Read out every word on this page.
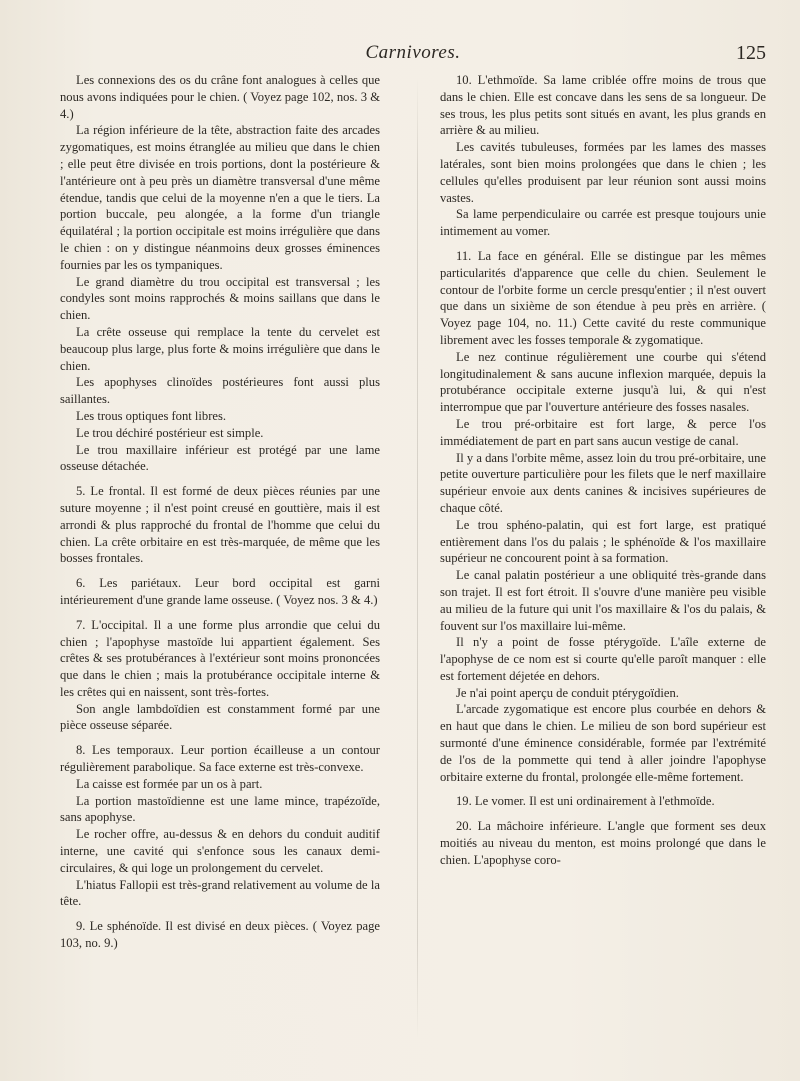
Carnivores.	125

Les connexions des os du crâne font analogues à celles que nous avons indiquées pour le chien. ( Voyez page 102, nos. 3 & 4.)

La région inférieure de la tête, abstraction faite des arcades zygomatiques, est moins étranglée au milieu que dans le chien ; elle peut être divisée en trois portions, dont la postérieure & l'antérieure ont à peu près un diamètre transversal d'une même étendue, tandis que celui de la moyenne n'en a que le tiers. La portion buccale, peu alongée, a la forme d'un triangle équilatéral ; la portion occipitale est moins irrégulière que dans le chien : on y distingue néanmoins deux grosses éminences fournies par les os tympaniques.

Le grand diamètre du trou occipital est transversal ; les condyles sont moins rapprochés & moins saillans que dans le chien.

La crête osseuse qui remplace la tente du cervelet est beaucoup plus large, plus forte & moins irrégulière que dans le chien.

Les apophyses clinoïdes postérieures font aussi plus saillantes.

Les trous optiques font libres.

Le trou déchiré postérieur est simple.

Le trou maxillaire inférieur est protégé par une lame osseuse détachée.

5. Le frontal. Il est formé de deux pièces réunies par une suture moyenne ; il n'est point creusé en gouttière, mais il est arrondi & plus rapproché du frontal de l'homme que celui du chien. La crête orbitaire en est très-marquée, de même que les bosses frontales.

6. Les pariétaux. Leur bord occipital est garni intérieurement d'une grande lame osseuse. ( Voyez nos. 3 & 4.)

7. L'occipital. Il a une forme plus arrondie que celui du chien ; l'apophyse mastoïde lui appartient également. Ses crêtes & ses protubérances à l'extérieur sont moins prononcées que dans le chien ; mais la protubérance occipitale interne & les crêtes qui en naissent, sont très-fortes.

Son angle lambdoïdien est constamment formé par une pièce osseuse séparée.

8. Les temporaux. Leur portion écailleuse a un contour régulièrement parabolique. Sa face externe est très-convexe.

La caisse est formée par un os à part.

La portion mastoïdienne est une lame mince, trapézoïde, sans apophyse.

Le rocher offre, au-dessus & en dehors du conduit auditif interne, une cavité qui s'enfonce sous les canaux demi-circulaires, & qui loge un prolongement du cervelet.

L'hiatus Fallopii est très-grand relativement au volume de la tête.

9. Le sphénoïde. Il est divisé en deux pièces. ( Voyez page 103, no. 9.)

10. L'ethmoïde. Sa lame criblée offre moins de trous que dans le chien. Elle est concave dans les sens de sa longueur. De ses trous, les plus petits sont situés en avant, les plus grands en arrière & au milieu.

Les cavités tubuleuses, formées par les lames des masses latérales, sont bien moins prolongées que dans le chien ; les cellules qu'elles produisent par leur réunion sont aussi moins vastes.

Sa lame perpendiculaire ou carrée est presque toujours unie intimement au vomer.

11. La face en général. Elle se distingue par les mêmes particularités d'apparence que celle du chien. Seulement le contour de l'orbite forme un cercle presqu'entier ; il n'est ouvert que dans un sixième de son étendue à peu près en arrière. ( Voyez page 104, no. 11.) Cette cavité du reste communique librement avec les fosses temporale & zygomatique.

Le nez continue régulièrement une courbe qui s'étend longitudinalement & sans aucune inflexion marquée, depuis la protubérance occipitale externe jusqu'à lui, & qui n'est interrompue que par l'ouverture antérieure des fosses nasales.

Le trou pré-orbitaire est fort large, & perce l'os immédiatement de part en part sans aucun vestige de canal.

Il y a dans l'orbite même, assez loin du trou pré-orbitaire, une petite ouverture particulière pour les filets que le nerf maxillaire supérieur envoie aux dents canines & incisives supérieures de chaque côté.

Le trou sphéno-palatin, qui est fort large, est pratiqué entièrement dans l'os du palais ; le sphénoïde & l'os maxillaire supérieur ne concourent point à sa formation.

Le canal palatin postérieur a une obliquité très-grande dans son trajet. Il est fort étroit. Il s'ouvre d'une manière peu visible au milieu de la future qui unit l'os maxillaire & l'os du palais, & fouvent sur l'os maxillaire lui-même.

Il n'y a point de fosse ptérygoïde. L'aîle externe de l'apophyse de ce nom est si courte qu'elle paroît manquer : elle est fortement déjetée en dehors.

Je n'ai point aperçu de conduit ptérygoïdien.

L'arcade zygomatique est encore plus courbée en dehors & en haut que dans le chien. Le milieu de son bord supérieur est surmonté d'une éminence considérable, formée par l'extrémité de l'os de la pommette qui tend à aller joindre l'apophyse orbitaire externe du frontal, prolongée elle-même fortement.

19. Le vomer. Il est uni ordinairement à l'ethmoïde.

20. La mâchoire inférieure. L'angle que forment ses deux moitiés au niveau du menton, est moins prolongé que dans le chien. L'apophyse coro-
